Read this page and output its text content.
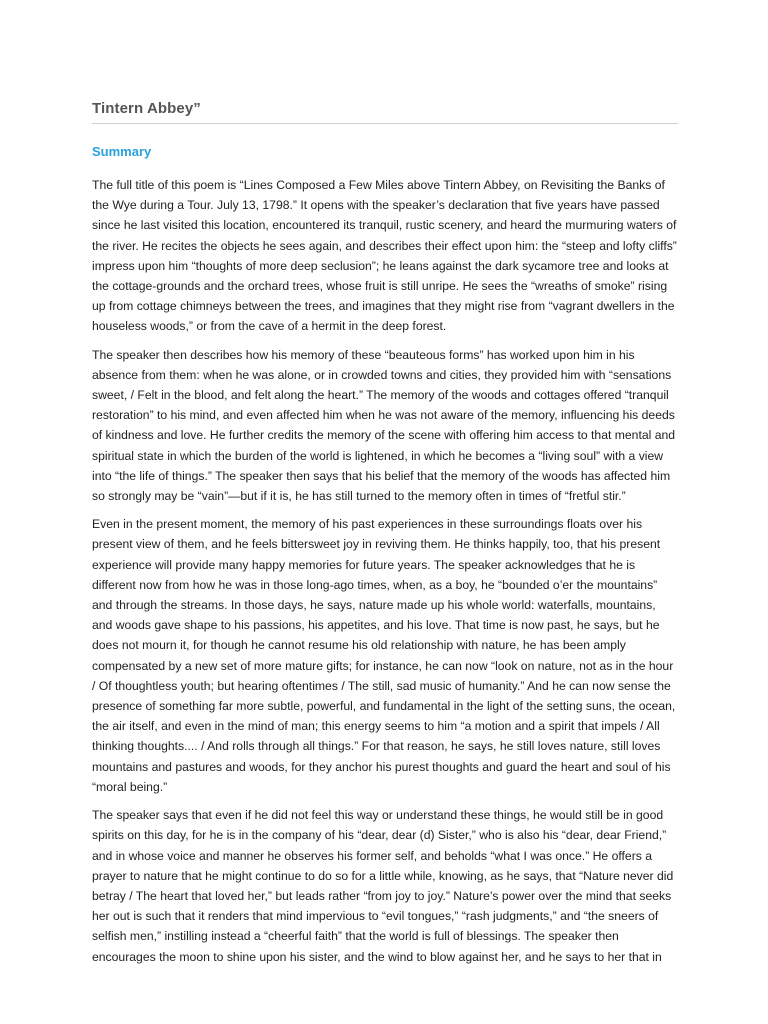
Tintern Abbey”
Summary

The full title of this poem is “Lines Composed a Few Miles above Tintern Abbey, on Revisiting the Banks of the Wye during a Tour. July 13, 1798.” It opens with the speaker’s declaration that five years have passed since he last visited this location, encountered its tranquil, rustic scenery, and heard the murmuring waters of the river. He recites the objects he sees again, and describes their effect upon him: the “steep and lofty cliffs” impress upon him “thoughts of more deep seclusion”; he leans against the dark sycamore tree and looks at the cottage-grounds and the orchard trees, whose fruit is still unripe. He sees the “wreaths of smoke” rising up from cottage chimneys between the trees, and imagines that they might rise from “vagrant dwellers in the houseless woods,” or from the cave of a hermit in the deep forest.

The speaker then describes how his memory of these “beauteous forms” has worked upon him in his absence from them: when he was alone, or in crowded towns and cities, they provided him with “sensations sweet, / Felt in the blood, and felt along the heart.” The memory of the woods and cottages offered “tranquil restoration” to his mind, and even affected him when he was not aware of the memory, influencing his deeds of kindness and love. He further credits the memory of the scene with offering him access to that mental and spiritual state in which the burden of the world is lightened, in which he becomes a “living soul” with a view into “the life of things.” The speaker then says that his belief that the memory of the woods has affected him so strongly may be “vain”—but if it is, he has still turned to the memory often in times of “fretful stir.”

Even in the present moment, the memory of his past experiences in these surroundings floats over his present view of them, and he feels bittersweet joy in reviving them. He thinks happily, too, that his present experience will provide many happy memories for future years. The speaker acknowledges that he is different now from how he was in those long-ago times, when, as a boy, he “bounded o’er the mountains” and through the streams. In those days, he says, nature made up his whole world: waterfalls, mountains, and woods gave shape to his passions, his appetites, and his love. That time is now past, he says, but he does not mourn it, for though he cannot resume his old relationship with nature, he has been amply compensated by a new set of more mature gifts; for instance, he can now “look on nature, not as in the hour / Of thoughtless youth; but hearing oftentimes / The still, sad music of humanity.” And he can now sense the presence of something far more subtle, powerful, and fundamental in the light of the setting suns, the ocean, the air itself, and even in the mind of man; this energy seems to him “a motion and a spirit that impels / All thinking thoughts.... / And rolls through all things.” For that reason, he says, he still loves nature, still loves mountains and pastures and woods, for they anchor his purest thoughts and guard the heart and soul of his “moral being.”

The speaker says that even if he did not feel this way or understand these things, he would still be in good spirits on this day, for he is in the company of his “dear, dear (d) Sister,” who is also his “dear, dear Friend,” and in whose voice and manner he observes his former self, and beholds “what I was once.” He offers a prayer to nature that he might continue to do so for a little while, knowing, as he says, that “Nature never did betray / The heart that loved her,” but leads rather “from joy to joy.” Nature’s power over the mind that seeks her out is such that it renders that mind impervious to “evil tongues,” “rash judgments,” and “the sneers of selfish men,” instilling instead a “cheerful faith” that the world is full of blessings. The speaker then encourages the moon to shine upon his sister, and the wind to blow against her, and he says to her that in
